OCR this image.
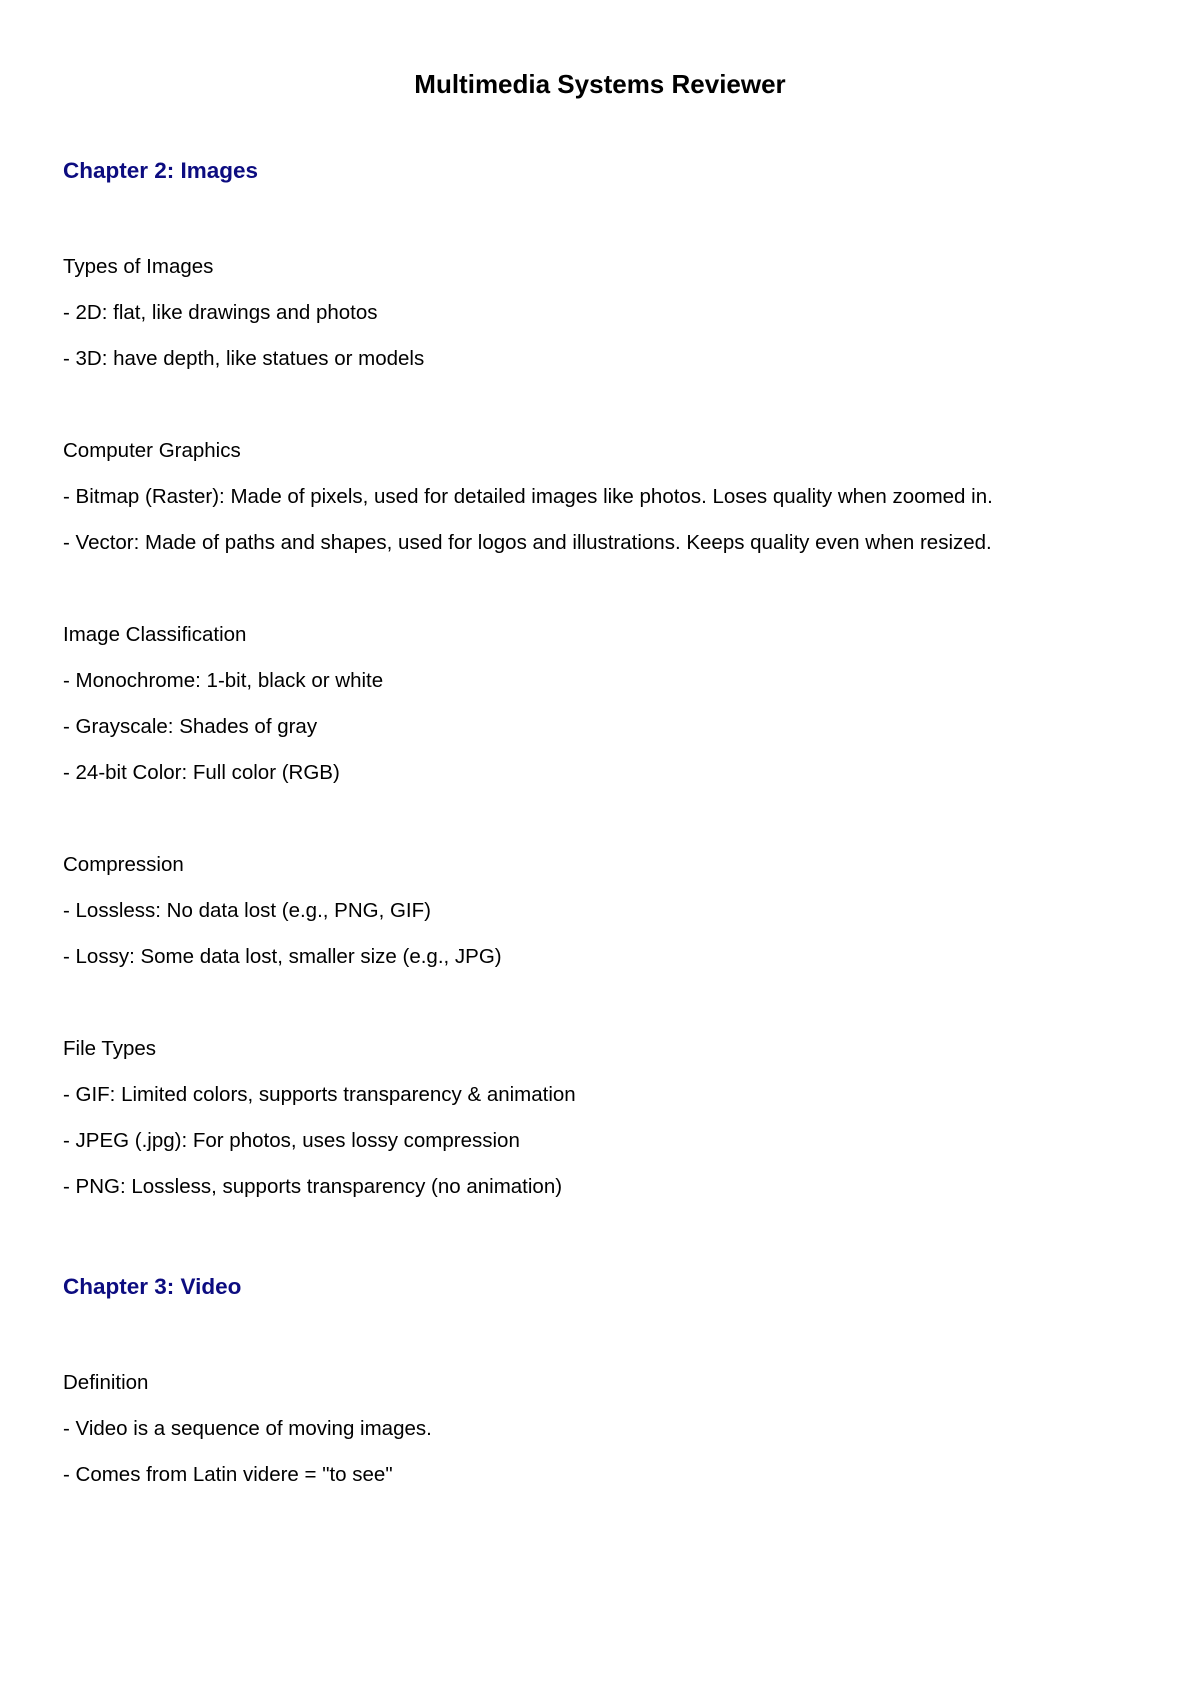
Multimedia Systems Reviewer
Chapter 2: Images

Types of Images

- 2D: flat, like drawings and photos

- 3D: have depth, like statues or models

Computer Graphics

- Bitmap (Raster): Made of pixels, used for detailed images like photos. Loses quality when zoomed in.

- Vector: Made of paths and shapes, used for logos and illustrations. Keeps quality even when resized.

Image Classification

- Monochrome: 1-bit, black or white

- Grayscale: Shades of gray

- 24-bit Color: Full color (RGB)

Compression

- Lossless: No data lost (e.g., PNG, GIF)

- Lossy: Some data lost, smaller size (e.g., JPG)

File Types

- GIF: Limited colors, supports transparency & animation

- JPEG (.jpg): For photos, uses lossy compression

- PNG: Lossless, supports transparency (no animation)

Chapter 3: Video

Definition

- Video is a sequence of moving images.

- Comes from Latin videre = "to see"
